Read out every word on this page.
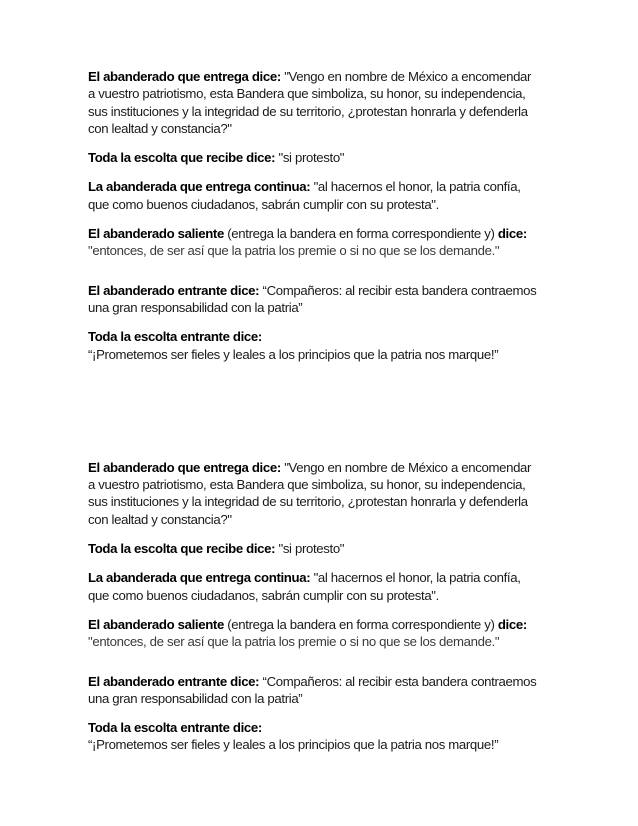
El abanderado que entrega dice: "Vengo en nombre de México a encomendar

a vuestro patriotismo, esta Bandera que simboliza, su honor, su independencia,

sus instituciones y la integridad de su territorio, ¿protestan honrarla y defenderla

con lealtad y constancia?"

Toda la escolta que recibe dice: "si protesto"

La abanderada que entrega continua: "al hacernos el honor, la patria confía,

que como buenos ciudadanos, sabrán cumplir con su protesta".

El abanderado saliente (entrega la bandera en forma correspondiente y) dice:

"entonces, de ser así que la patria los premie o si no que se los demande."

El abanderado entrante dice: “Compañeros: al recibir esta bandera contraemos

una gran responsabilidad con la patria”

Toda la escolta entrante dice:

“¡Prometemos ser fieles y leales a los principios que la patria nos marque!”

El abanderado que entrega dice: "Vengo en nombre de México a encomendar

a vuestro patriotismo, esta Bandera que simboliza, su honor, su independencia,

sus instituciones y la integridad de su territorio, ¿protestan honrarla y defenderla

con lealtad y constancia?"

Toda la escolta que recibe dice: "si protesto"

La abanderada que entrega continua: "al hacernos el honor, la patria confía,

que como buenos ciudadanos, sabrán cumplir con su protesta".

El abanderado saliente (entrega la bandera en forma correspondiente y) dice:

"entonces, de ser así que la patria los premie o si no que se los demande."

El abanderado entrante dice: “Compañeros: al recibir esta bandera contraemos

una gran responsabilidad con la patria”

Toda la escolta entrante dice:

“¡Prometemos ser fieles y leales a los principios que la patria nos marque!”
